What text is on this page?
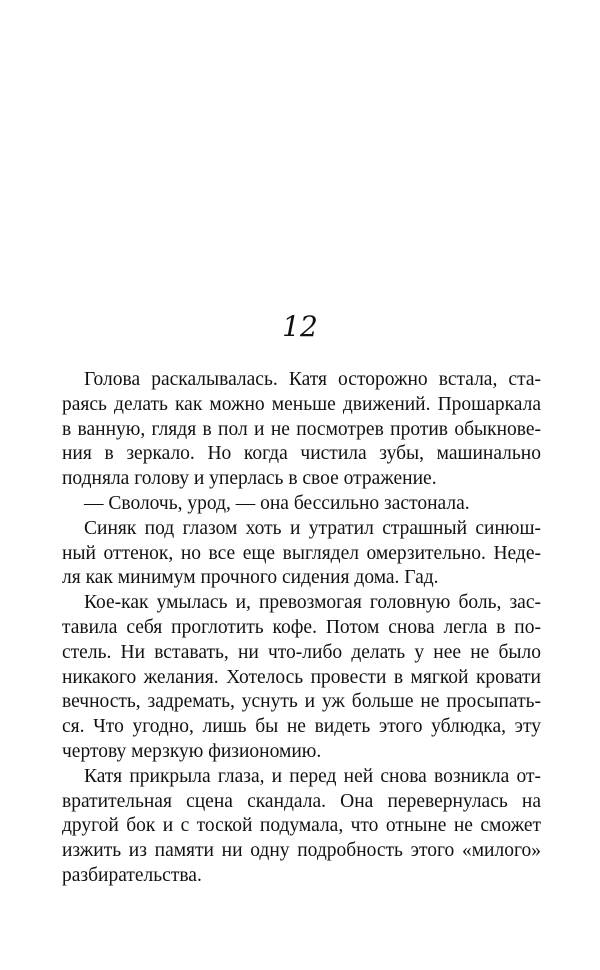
12
Голова раскалывалась. Катя осторожно встала, ста-
раясь делать как можно меньше движений. Прошаркала
в ванную, глядя в пол и не посмотрев против обыкнове-
ния в зеркало. Но когда чистила зубы, машинально
подняла голову и уперлась в свое отражение.
— Сволочь, урод, — она бессильно застонала.
Синяк под глазом хоть и утратил страшный синюш-
ный оттенок, но все еще выглядел омерзительно. Неде-
ля как минимум прочного сидения дома. Гад.
Кое-как умылась и, превозмогая головную боль, зас-
тавила себя проглотить кофе. Потом снова легла в по-
стель. Ни вставать, ни что-либо делать у нее не было
никакого желания. Хотелось провести в мягкой кровати
вечность, задремать, уснуть и уж больше не просыпать-
ся. Что угодно, лишь бы не видеть этого ублюдка, эту
чертову мерзкую физиономию.
Катя прикрыла глаза, и перед ней снова возникла от-
вратительная сцена скандала. Она перевернулась на
другой бок и с тоской подумала, что отныне не сможет
изжить из памяти ни одну подробность этого «милого»
разбирательства.
